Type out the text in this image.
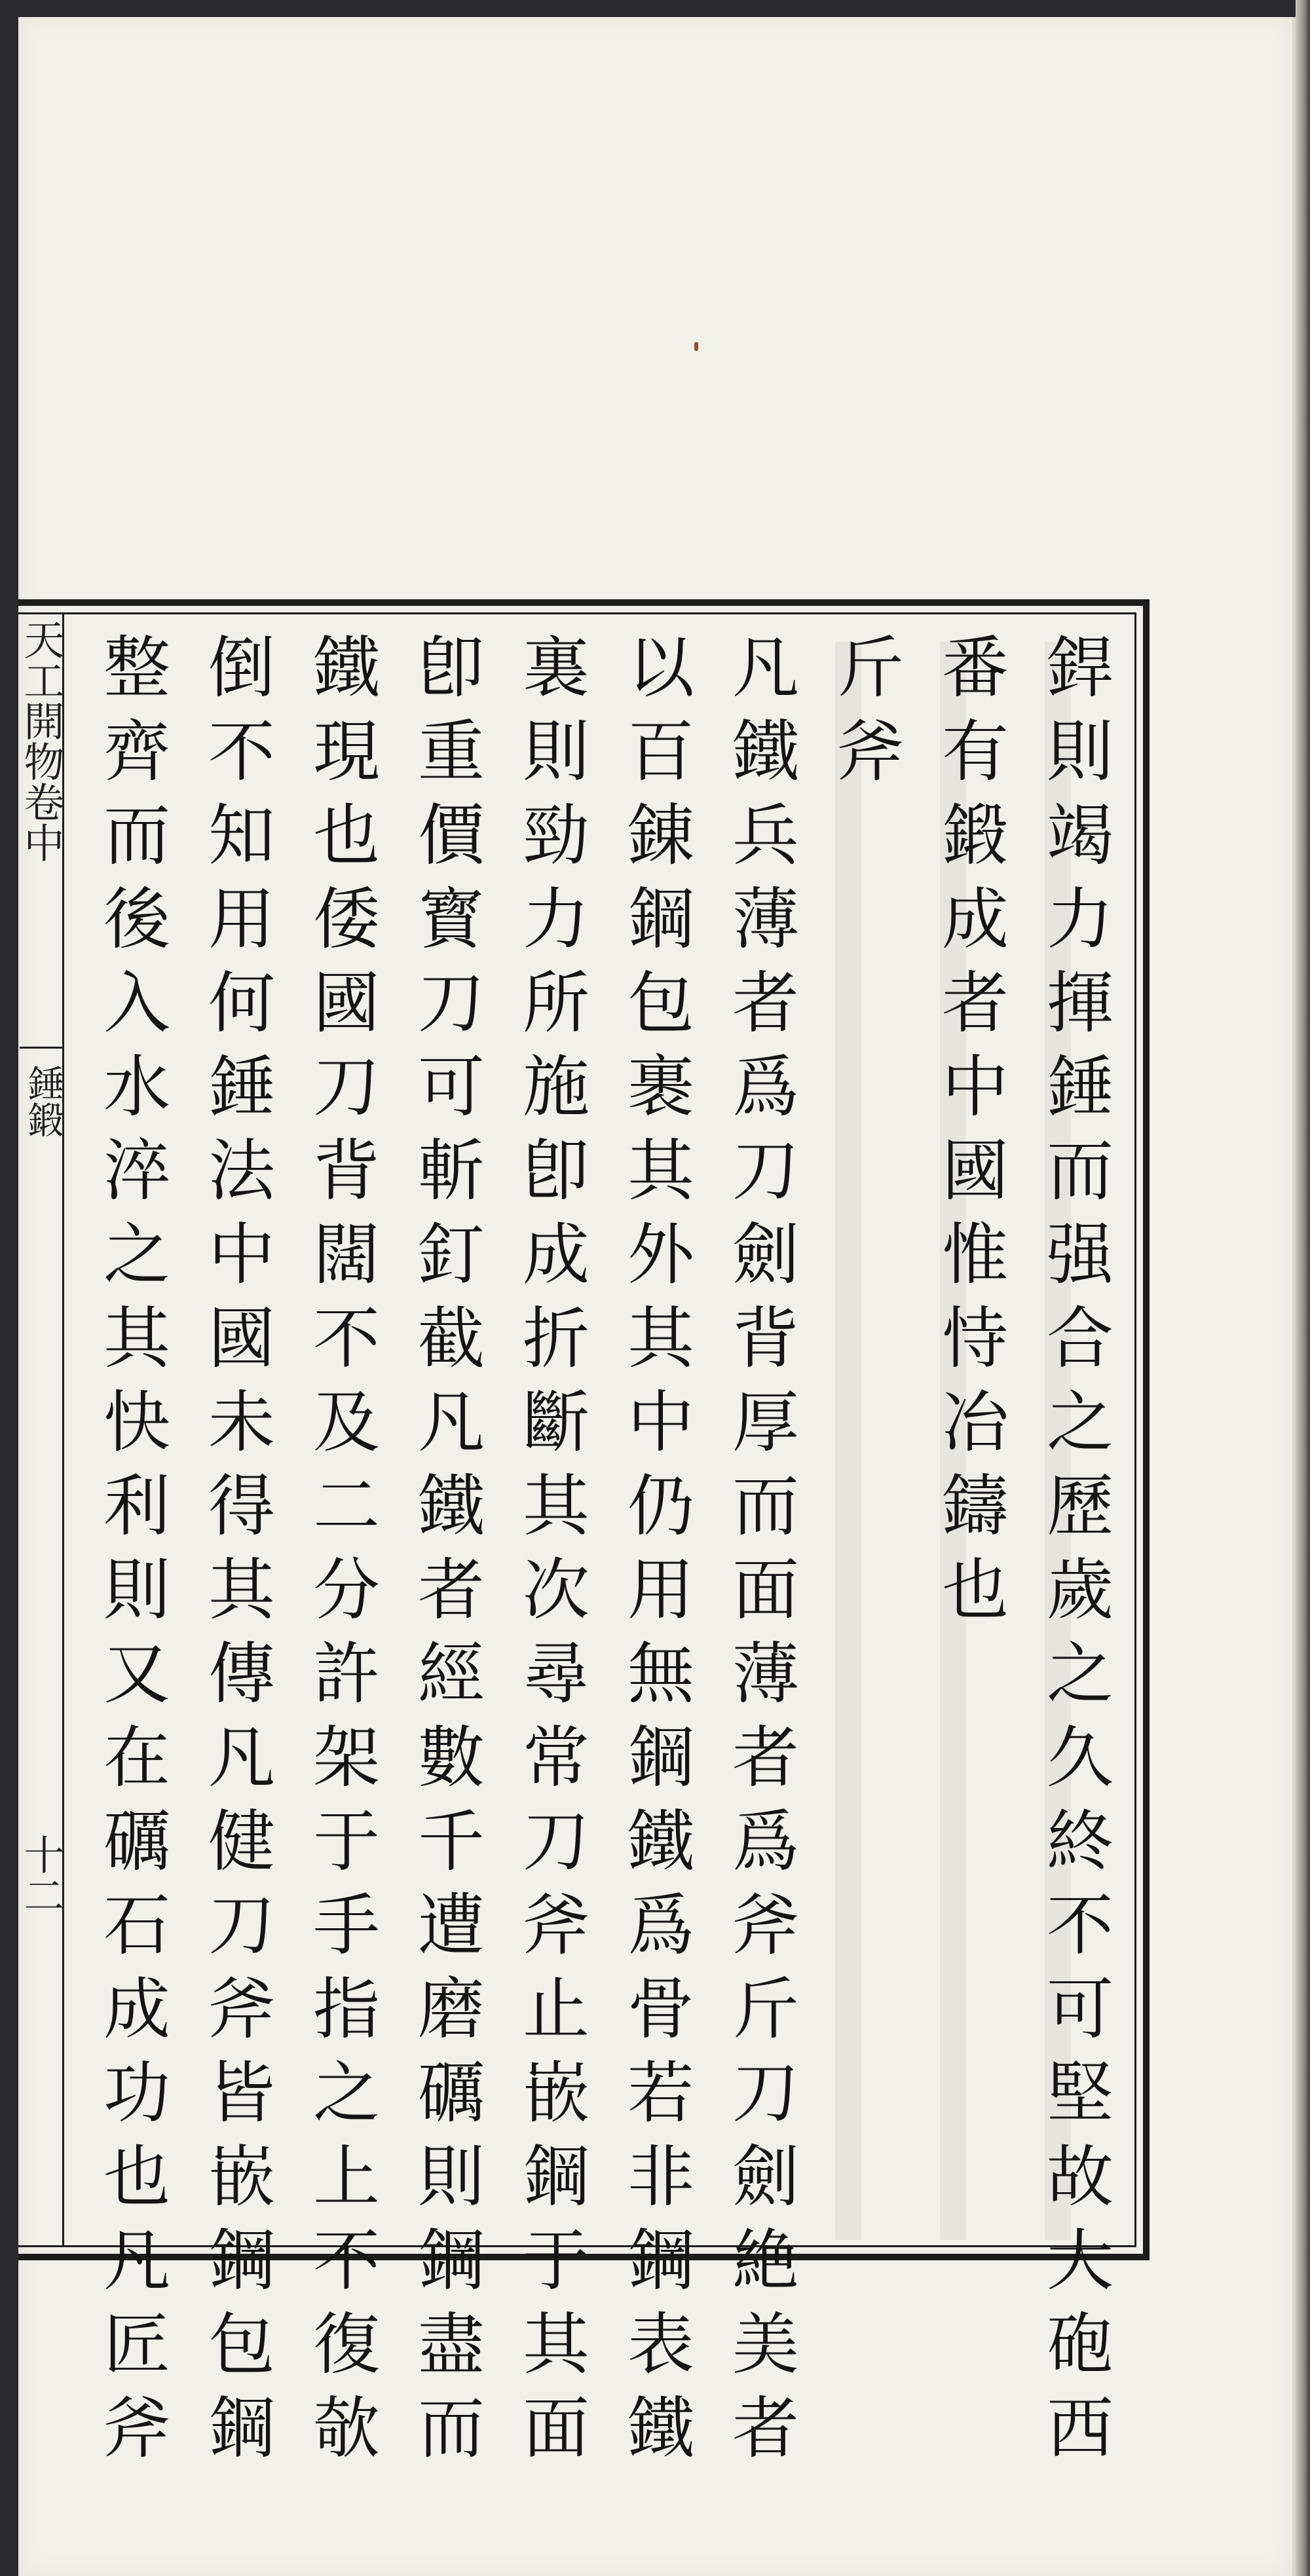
天工開物卷中
錘鍛
十二	銲則竭力揮錘而强合之歷歲之久終不可堅故大砲西
番有鍛成者中國惟恃冶鑄也
斤斧
凡鐵兵薄者爲刀劍背厚而面薄者爲斧斤刀劍絶美者
以百錬鋼包裹其外其中仍用無鋼鐵爲骨若非鋼表鐵
裏則勁力所施卽成折斷其次尋常刀斧止嵌鋼于其面
卽重價寳刀可斬釘截凡鐵者經數千遭磨礪則鋼盡而
鐵現也倭國刀背闊不及二分許架于手指之上不復欹
倒不知用何錘法中國未得其傳凡健刀斧皆嵌鋼包鋼
整齊而後入水淬之其快利則又在礪石成功也凡匠斧
